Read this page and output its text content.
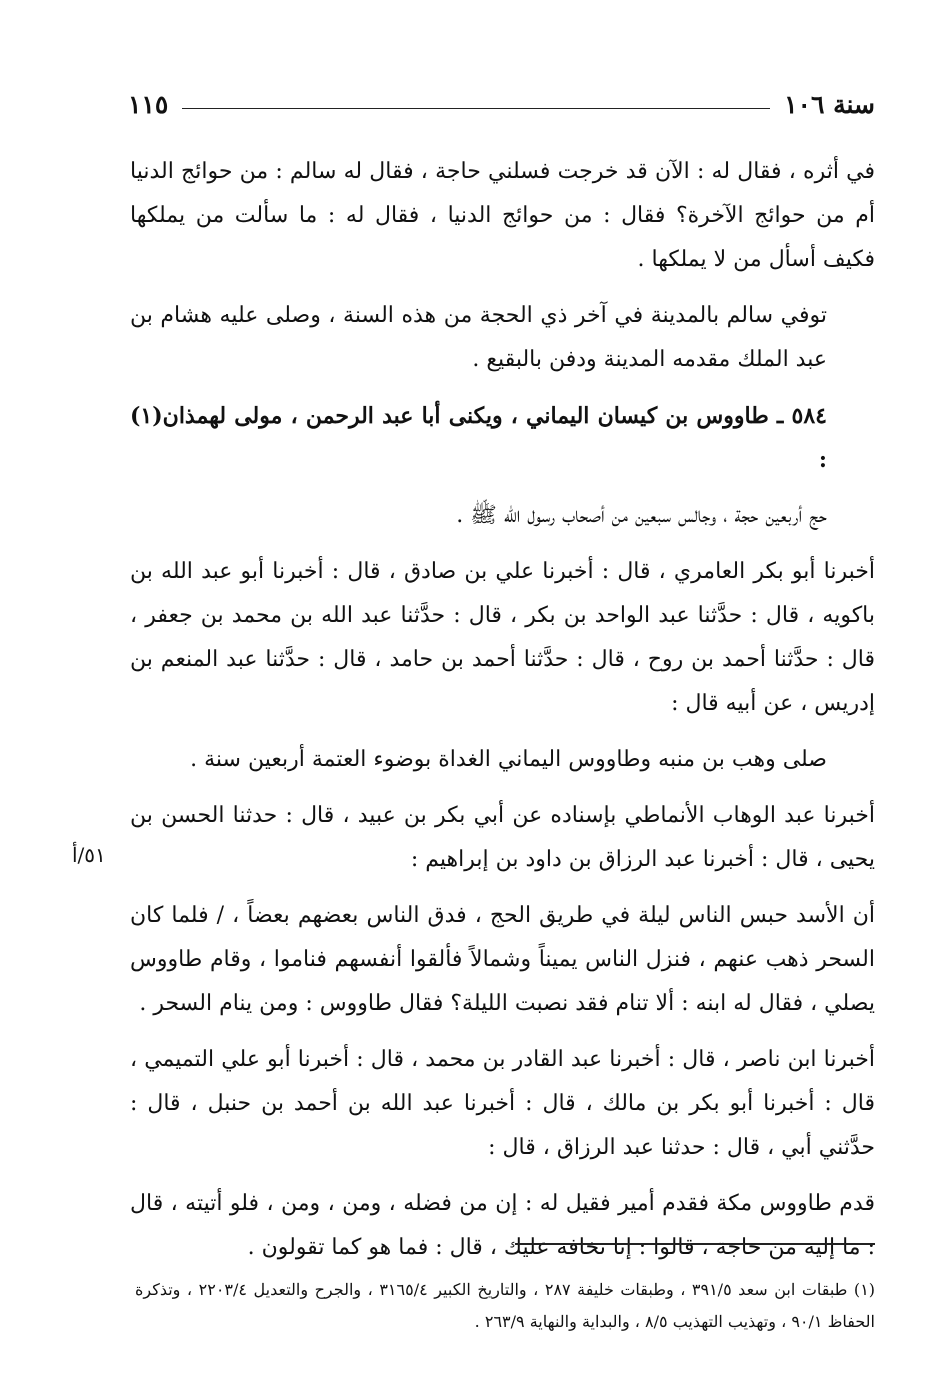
١١٥	سنة ١٠٦

في أثره ، فقال له : الآن قد خرجت فسلني حاجة ، فقال له سالم : من حوائج الدنيا أم من حوائج الآخرة؟ فقال : من حوائج الدنيا ، فقال له : ما سألت من يملكها فكيف أسأل من لا يملكها .

توفي سالم بالمدينة في آخر ذي الحجة من هذه السنة ، وصلى عليه هشام بن عبد الملك مقدمه المدينة ودفن بالبقيع .

٥٨٤ ـ طاووس بن كيسان اليماني ، ويكنى أبا عبد الرحمن ، مولى لهمذان(١) :

حج أربعين حجة ، وجالس سبعين من أصحاب رسول الله ﷺ .

أخبرنا أبو بكر العامري ، قال : أخبرنا علي بن صادق ، قال : أخبرنا أبو عبد الله بن باكويه ، قال : حدَّثنا عبد الواحد بن بكر ، قال : حدَّثنا عبد الله بن محمد بن جعفر ، قال : حدَّثنا أحمد بن روح ، قال : حدَّثنا أحمد بن حامد ، قال : حدَّثنا عبد المنعم بن إدريس ، عن أبيه قال :

صلى وهب بن منبه وطاووس اليماني الغداة بوضوء العتمة أربعين سنة .

أخبرنا عبد الوهاب الأنماطي بإسناده عن أبي بكر بن عبيد ، قال : حدثنا الحسن بن يحيى ، قال : أخبرنا عبد الرزاق بن داود بن إبراهيم :

أن الأسد حبس الناس ليلة في طريق الحج ، فدق الناس بعضهم بعضاً ، / فلما كان السحر ذهب عنهم ، فنزل الناس يميناً وشمالاً فألقوا أنفسهم فناموا ، وقام طاووس يصلي ، فقال له ابنه : ألا تنام فقد نصبت الليلة؟ فقال طاووس : ومن ينام السحر .

أخبرنا ابن ناصر ، قال : أخبرنا عبد القادر بن محمد ، قال : أخبرنا أبو علي التميمي ، قال : أخبرنا أبو بكر بن مالك ، قال : أخبرنا عبد الله بن أحمد بن حنبل ، قال : حدَّثني أبي ، قال : حدثنا عبد الرزاق ، قال :

قدم طاووس مكة فقدم أمير فقيل له : إن من فضله ، ومن ، ومن ، فلو أتيته ، قال : ما إليه من حاجة ، قالوا : إنا نخافه عليك ، قال : فما هو كما تقولون .

٥١/أ

(١) طبقات ابن سعد ٣٩١/٥ ، وطبقات خليفة ٢٨٧ ، والتاريخ الكبير ٣١٦٥/٤ ، والجرح والتعديل ٢٢٠٣/٤ ، وتذكرة الحفاظ ٩٠/١ ، وتهذيب التهذيب ٨/٥ ، والبداية والنهاية ٢٦٣/٩ .
